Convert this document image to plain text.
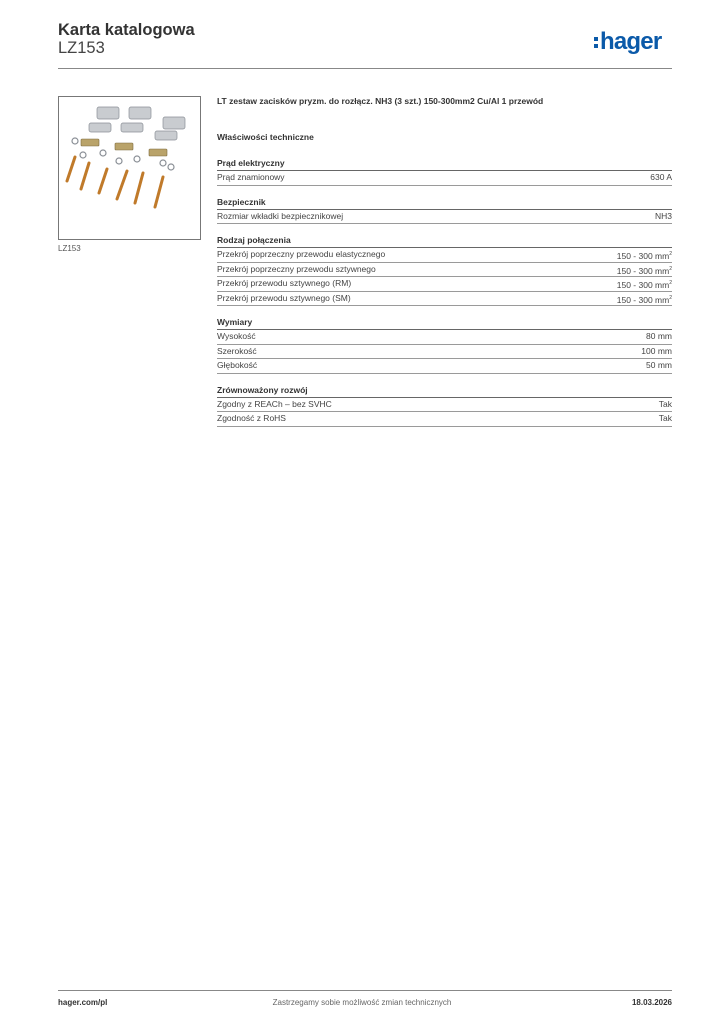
Karta katalogowa
LZ153	hager
LZ153
LT zestaw zacisków pryzm. do rozłącz. NH3 (3 szt.) 150-300mm2 Cu/Al 1 przewód
Właściwości techniczne
Prąd elektryczny
Prąd znamionowy	630 A
Bezpiecznik
Rozmiar wkładki bezpiecznikowej	NH3
Rodzaj połączenia
Przekrój poprzeczny przewodu elastycznego	150 - 300 $mm^2$
Przekrój poprzeczny przewodu sztywnego	150 - 300 $mm^2$
Przekrój przewodu sztywnego (RM)	150 - 300 $mm^2$
Przekrój przewodu sztywnego (SM)	150 - 300 $mm^2$
Wymiary
Wysokość	80 mm
Szerokość	100 mm
Głębokość	50 mm
Zrównoważony rozwój
Zgodny z REACh – bez SVHC	Tak
Zgodność z RoHS	Tak
hager.com/pl	Zastrzegamy sobie możliwość zmian technicznych	18.03.2026
